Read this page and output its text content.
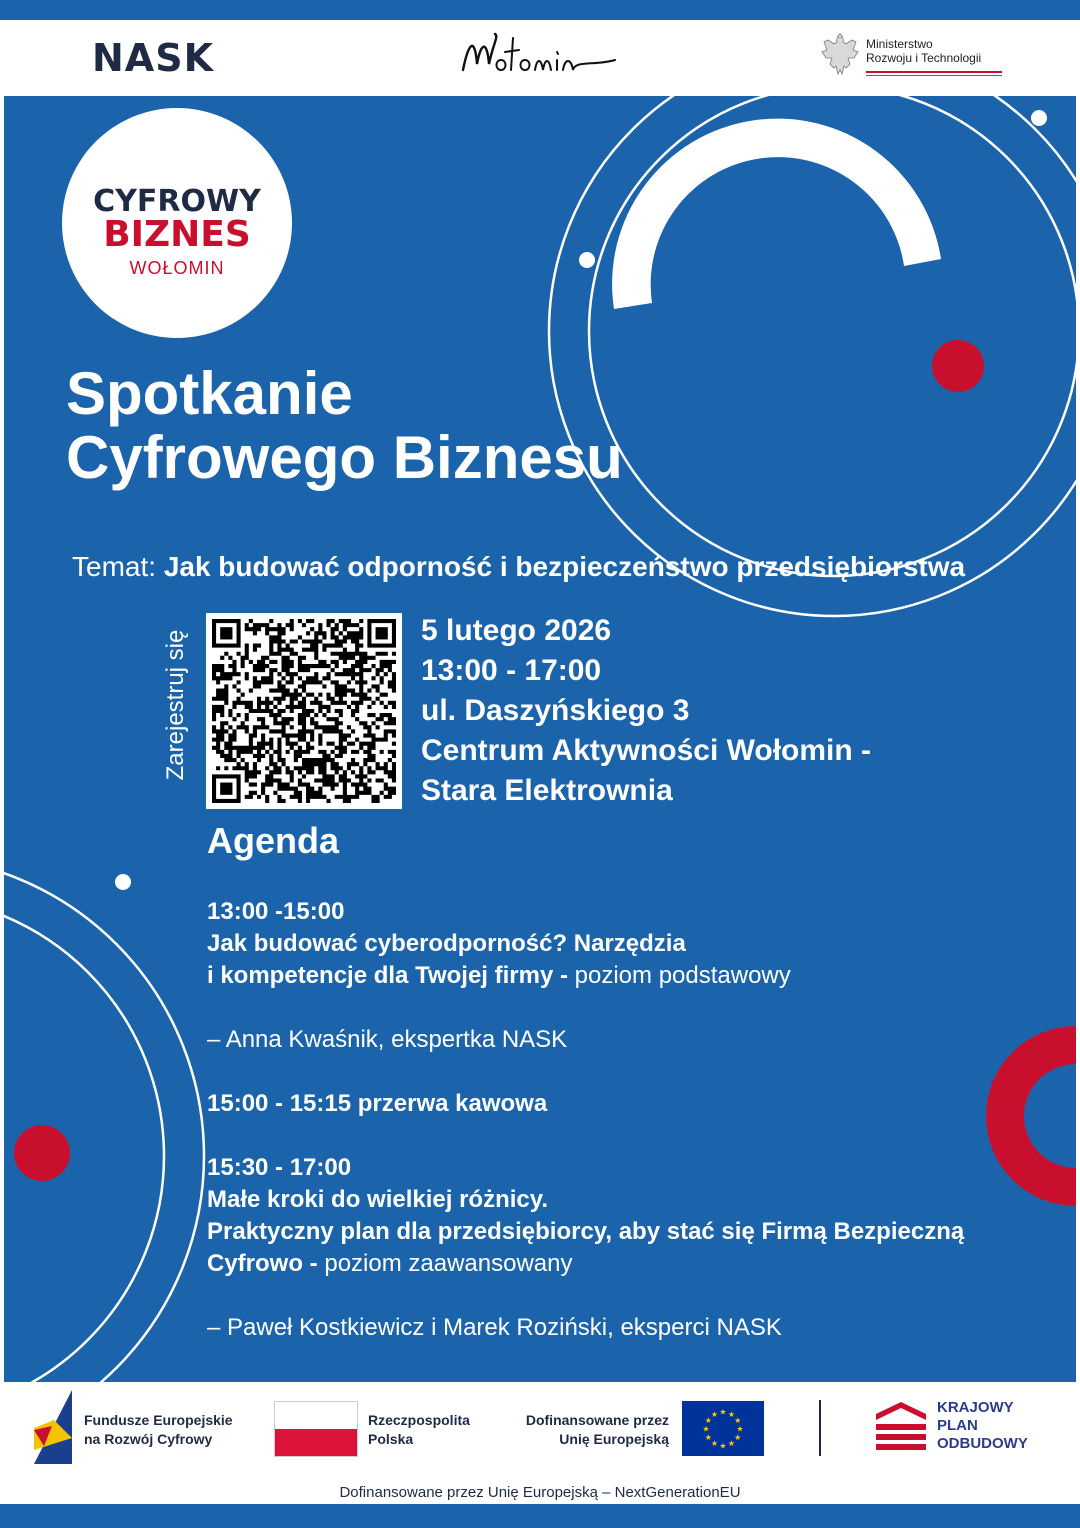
NASK	Ministerstwo
Rozwoju i Technologii
CYFROWY
BIZNES
WOŁOMIN
Spotkanie
Cyfrowego Biznesu
Temat: Jak budować odporność i bezpieczeństwo przedsiębiorstwa
Zarejestruj się	5 lutego 2026
13:00 - 17:00
ul. Daszyńskiego 3
Centrum Aktywności Wołomin -
Stara Elektrownia
Agenda
13:00 -15:00
Jak budować cyberodporność? Narzędzia
i kompetencje dla Twojej firmy - poziom podstawowy
– Anna Kwaśnik, ekspertka NASK
15:00 - 15:15 przerwa kawowa
15:30 - 17:00
Małe kroki do wielkiej różnicy.
Praktyczny plan dla przedsiębiorcy, aby stać się Firmą Bezpieczną
Cyfrowo - poziom zaawansowany
– Paweł Kostkiewicz i Marek Roziński, eksperci NASK
Fundusze Europejskie
na Rozwój Cyfrowy
Rzeczpospolita
Polska
Dofinansowane przez
Unię Europejską
★ ★
★
★
★
★
★
★
★
★
★
★	KRAJOWY
PLAN
ODBUDOWY
Dofinansowane przez Unię Europejską – NextGenerationEU
